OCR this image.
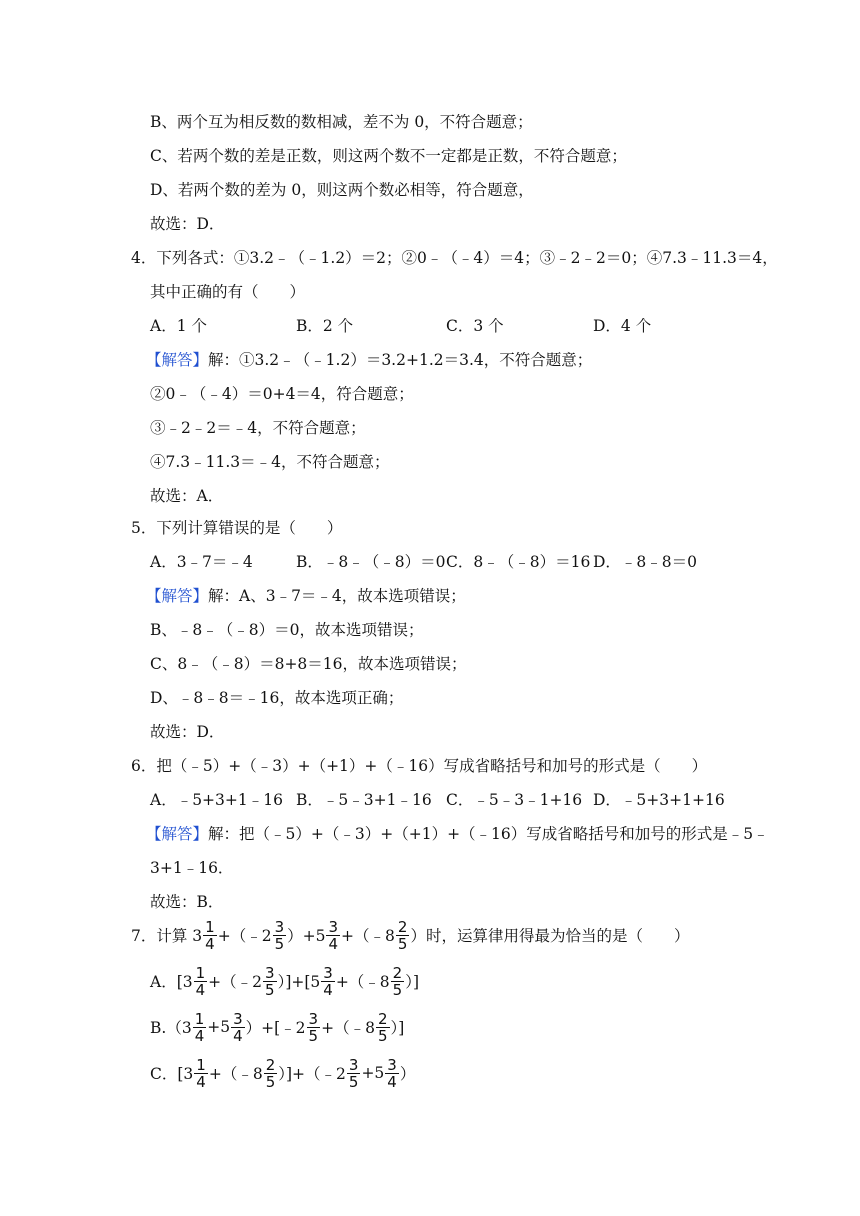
B、两个互为相反数的数相减，差不为 0，不符合题意；
C、若两个数的差是正数，则这两个数不一定都是正数，不符合题意；
D、若两个数的差为 0，则这两个数必相等，符合题意，
故选：D．
4．下列各式：①3.2﹣（﹣1.2）＝2；②0﹣（﹣4）＝4；③﹣2﹣2＝0；④7.3﹣11.3＝4，
其中正确的有（　　）
A．1 个	B．2 个	C．3 个	D．4 个
【解答】解：①3.2﹣（﹣1.2）＝3.2+1.2＝3.4，不符合题意；
②0﹣（﹣4）＝0+4＝4，符合题意；
③﹣2﹣2＝﹣4，不符合题意；
④7.3﹣11.3＝﹣4，不符合题意；
故选：A．
5．下列计算错误的是（　　）
A．3﹣7＝﹣4	B．﹣8﹣（﹣8）＝0 C．8﹣（﹣8）＝16 D．﹣8﹣8＝0
【解答】解：A、3﹣7＝﹣4，故本选项错误；
B、﹣8﹣（﹣8）＝0，故本选项错误；
C、8﹣（﹣8）＝8+8＝16，故本选项错误；
D、﹣8﹣8＝﹣16，故本选项正确；
故选：D．
6．把（﹣5）+（﹣3）+（+1）+（﹣16）写成省略括号和加号的形式是（　　）
A．﹣5+3+1﹣16 B．﹣5﹣3+1﹣16 C．﹣5﹣3﹣1+16 D．﹣5+3+1+16
【解答】解：把（﹣5）+（﹣3）+（+1）+（﹣16）写成省略括号和加号的形式是﹣5﹣
3+1﹣16．
故选：B．
7． 计算 $3 \frac{1}{4}$ +（﹣2 $\frac{3}{5} )+5 \frac{3}{4}$ +（﹣8 $\frac{2}{5}$ ）时，运算律用得最为恰当的是（　　）
A．[$3 \frac{1}{4}$ +（﹣2 $\frac{3}{5} )]+[5 \frac{3}{4}$ +（﹣8 $\frac{2}{5}$ ）]
$B.(3 \frac{1}{4} +5 \frac{3}{4}$ ）+[﹣2 $\frac{3}{5}$ +（﹣8 $\frac{2}{5}$ ）]
C．[$3 \frac{1}{4}$ +（﹣8 $\frac{2}{5}$ ）]+（﹣2 $\frac{3}{5} +5 \frac{3}{4}$ ）
